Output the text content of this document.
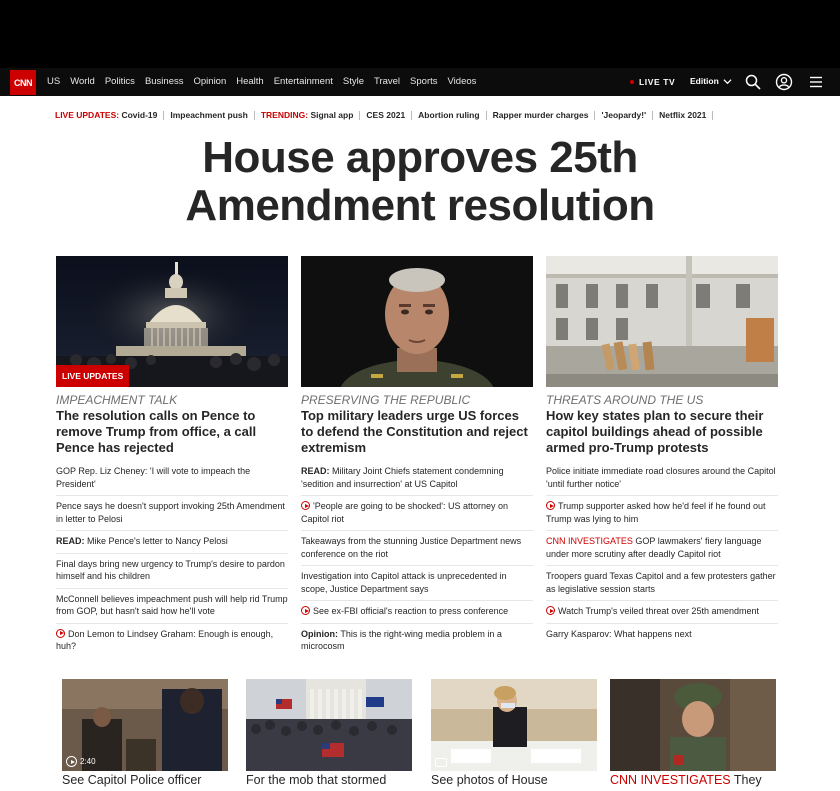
CNN	US World Politics Business Opinion Health Entertainment Style Travel Sports Videos	LIVE TV Edition
LIVE UPDATES:
Covid-19 Impeachment push TRENDING:
Signal app CES 2021 Abortion ruling Rapper murder charges 'Jeopardy!' Netflix 2021
House approves 25th
Amendment resolution
LIVE UPDATES
IMPEACHMENT TALK
The resolution calls on Pence to remove Trump from office, a call Pence has rejected
GOP Rep. Liz Cheney: 'I will vote to impeach the President'
Pence says he doesn't support invoking 25th Amendment in letter to Pelosi
READ: Mike Pence's letter to Nancy Pelosi
Final days bring new urgency to Trump's desire to pardon himself and his children
McConnell believes impeachment push will help rid Trump from GOP, but hasn't said how he'll vote
Don Lemon to Lindsey Graham: Enough is enough, huh?
PRESERVING THE REPUBLIC
Top military leaders urge US forces to defend the Constitution and reject extremism
READ: Military Joint Chiefs statement condemning 'sedition and insurrection' at US Capitol
'People are going to be shocked': US attorney on Capitol riot
Takeaways from the stunning Justice Department news conference on the riot
Investigation into Capitol attack is unprecedented in scope, Justice Department says
See ex-FBI official's reaction to press conference
Opinion: This is the right-wing media problem in a microcosm
THREATS AROUND THE US
How key states plan to secure their capitol buildings ahead of possible armed pro-Trump protests
Police initiate immediate road closures around the Capitol 'until further notice'
Trump supporter asked how he'd feel if he found out Trump was lying to him
CNN INVESTIGATES GOP lawmakers' fiery language under more scrutiny after deadly Capitol riot
Troopers guard Texas Capitol and a few protesters gather as legislative session starts
Watch Trump's veiled threat over 25th amendment
Garry Kasparov: What happens next
2:40
See Capitol Police officer	For the mob that stormed	See photos of House	CNN INVESTIGATES They
